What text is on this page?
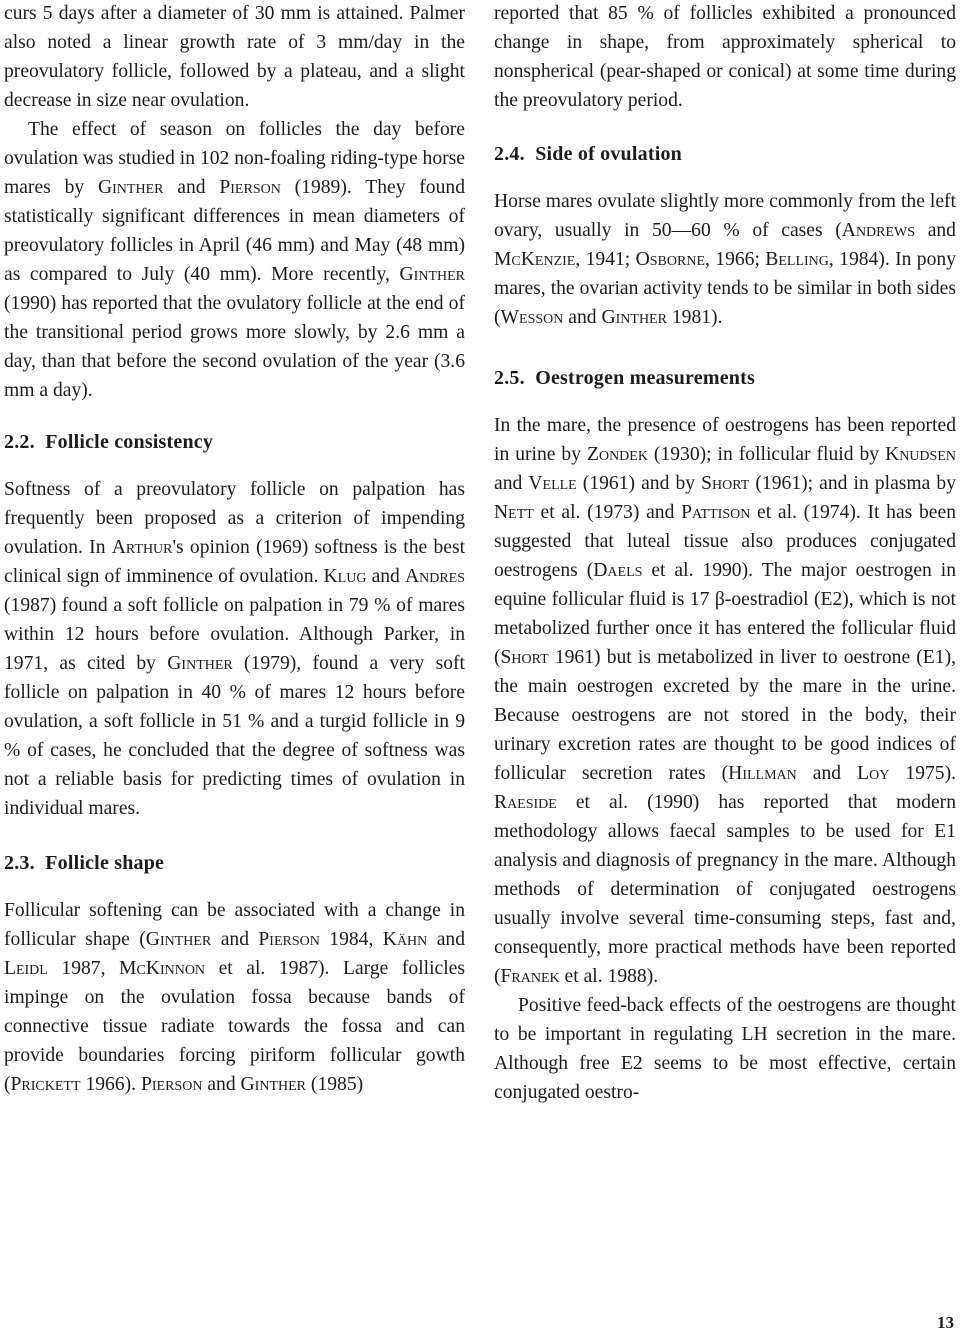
curs 5 days after a diameter of 30 mm is attained. Palmer also noted a linear growth rate of 3 mm/day in the preovulatory follicle, followed by a plateau, and a slight decrease in size near ovulation.

The effect of season on follicles the day before ovulation was studied in 102 non-foaling riding-type horse mares by Ginther and Pierson (1989). They found statistically significant differences in mean diameters of preovulatory follicles in April (46 mm) and May (48 mm) as compared to July (40 mm). More recently, Ginther (1990) has reported that the ovulatory follicle at the end of the transitional period grows more slowly, by 2.6 mm a day, than that before the second ovulation of the year (3.6 mm a day).

2.2. Follicle consistency

Softness of a preovulatory follicle on palpation has frequently been proposed as a criterion of impending ovulation. In Arthur's opinion (1969) softness is the best clinical sign of imminence of ovulation. Klug and Andres (1987) found a soft follicle on palpation in 79 % of mares within 12 hours before ovulation. Although Parker, in 1971, as cited by Ginther (1979), found a very soft follicle on palpation in 40 % of mares 12 hours before ovulation, a soft follicle in 51 % and a turgid follicle in 9 % of cases, he concluded that the degree of softness was not a reliable basis for predicting times of ovulation in individual mares.

2.3. Follicle shape

Follicular softening can be associated with a change in follicular shape (Ginther and Pierson 1984, Kähn and Leidl 1987, McKinnon et al. 1987). Large follicles impinge on the ovulation fossa because bands of connective tissue radiate towards the fossa and can provide boundaries forcing piriform follicular gowth (Prickett 1966). Pierson and Ginther (1985)

reported that 85 % of follicles exhibited a pronounced change in shape, from approximately spherical to nonspherical (pear-shaped or conical) at some time during the preovulatory period.

2.4. Side of ovulation

Horse mares ovulate slightly more commonly from the left ovary, usually in 50—60 % of cases (Andrews and McKenzie, 1941; Osborne, 1966; Belling, 1984). In pony mares, the ovarian activity tends to be similar in both sides (Wesson and Ginther 1981).

2.5. Oestrogen measurements

In the mare, the presence of oestrogens has been reported in urine by Zondek (1930); in follicular fluid by Knudsen and Velle (1961) and by Short (1961); and in plasma by Nett et al. (1973) and Pattison et al. (1974). It has been suggested that luteal tissue also produces conjugated oestrogens (Daels et al. 1990). The major oestrogen in equine follicular fluid is 17 β-oestradiol (E2), which is not metabolized further once it has entered the follicular fluid (Short 1961) but is metabolized in liver to oestrone (E1), the main oestrogen excreted by the mare in the urine. Because oestrogens are not stored in the body, their urinary excretion rates are thought to be good indices of follicular secretion rates (Hillman and Loy 1975). Raeside et al. (1990) has reported that modern methodology allows faecal samples to be used for E1 analysis and diagnosis of pregnancy in the mare. Although methods of determination of conjugated oestrogens usually involve several time-consuming steps, fast and, consequently, more practical methods have been reported (Franek et al. 1988).

Positive feed-back effects of the oestrogens are thought to be important in regulating LH secretion in the mare. Although free E2 seems to be most effective, certain conjugated oestro-

13
